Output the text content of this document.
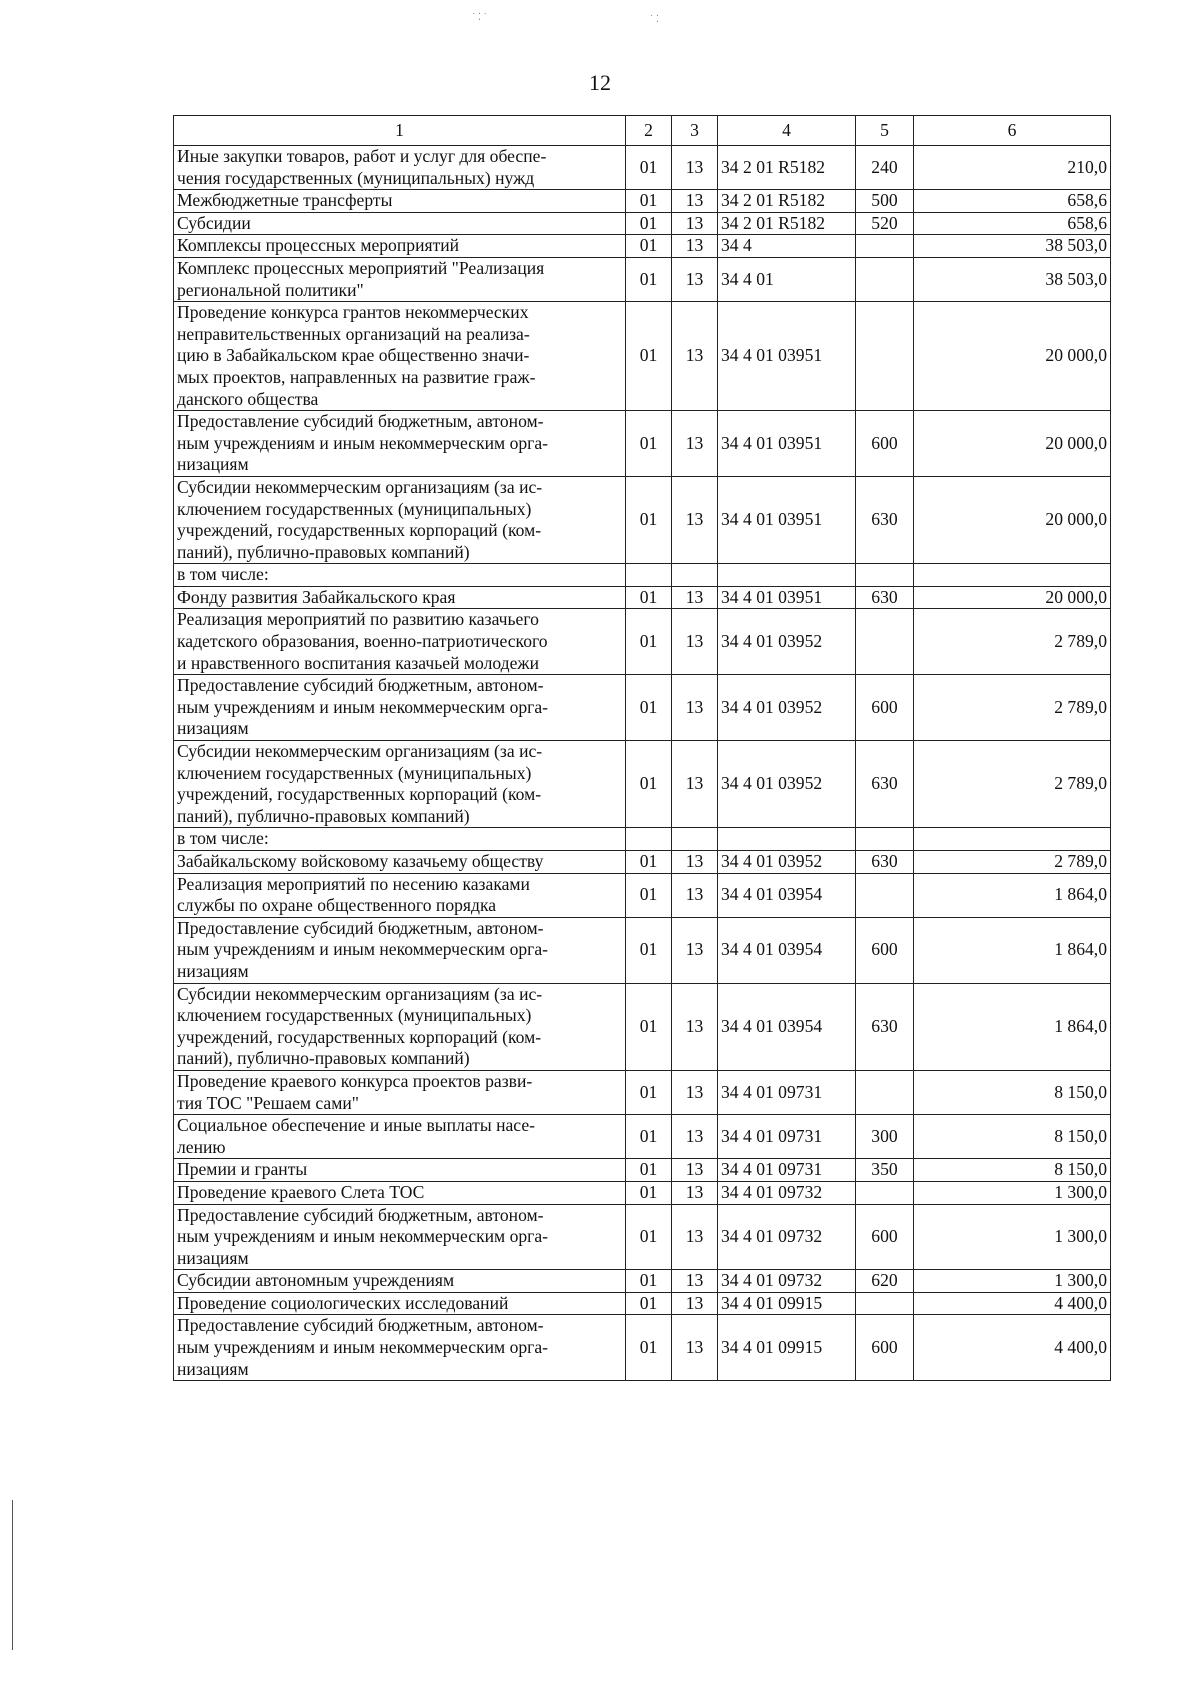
12
1	2	3	4	5	6
Иные закупки товаров, работ и услуг для обеспе-
чения государственных (муниципальных) нужд	01	13	34 2 01 R5182	240	210,0
Межбюджетные трансферты	01	13	34 2 01 R5182	500	658,6
Субсидии	01	13	34 2 01 R5182	520	658,6
Комплексы процессных мероприятий	01	13	34 4		38 503,0
Комплекс процессных мероприятий "Реализация
региональной политики"	01	13	34 4 01		38 503,0
Проведение конкурса грантов некоммерческих
неправительственных организаций на реализа-
цию в Забайкальском крае общественно значи-
мых проектов, направленных на развитие граж-
данского общества	01	13	34 4 01 03951		20 000,0
Предоставление субсидий бюджетным, автоном-
ным учреждениям и иным некоммерческим орга-
низациям	01	13	34 4 01 03951	600	20 000,0
Субсидии некоммерческим организациям (за ис-
ключением государственных (муниципальных)
учреждений, государственных корпораций (ком-
паний), публично-правовых компаний)	01	13	34 4 01 03951	630	20 000,0
в том числе:					
Фонду развития Забайкальского края	01	13	34 4 01 03951	630	20 000,0
Реализация мероприятий по развитию казачьего
кадетского образования, военно-патриотического
и нравственного воспитания казачьей молодежи	01	13	34 4 01 03952		2 789,0
Предоставление субсидий бюджетным, автоном-
ным учреждениям и иным некоммерческим орга-
низациям	01	13	34 4 01 03952	600	2 789,0
Субсидии некоммерческим организациям (за ис-
ключением государственных (муниципальных)
учреждений, государственных корпораций (ком-
паний), публично-правовых компаний)	01	13	34 4 01 03952	630	2 789,0
в том числе:					
Забайкальскому войсковому казачьему обществу	01	13	34 4 01 03952	630	2 789,0
Реализация мероприятий по несению казаками
службы по охране общественного порядка	01	13	34 4 01 03954		1 864,0
Предоставление субсидий бюджетным, автоном-
ным учреждениям и иным некоммерческим орга-
низациям	01	13	34 4 01 03954	600	1 864,0
Субсидии некоммерческим организациям (за ис-
ключением государственных (муниципальных)
учреждений, государственных корпораций (ком-
паний), публично-правовых компаний)	01	13	34 4 01 03954	630	1 864,0
Проведение краевого конкурса проектов разви-
тия ТОС "Решаем сами"	01	13	34 4 01 09731		8 150,0
Социальное обеспечение и иные выплаты насе-
лению	01	13	34 4 01 09731	300	8 150,0
Премии и гранты	01	13	34 4 01 09731	350	8 150,0
Проведение краевого Слета ТОС	01	13	34 4 01 09732		1 300,0
Предоставление субсидий бюджетным, автоном-
ным учреждениям и иным некоммерческим орга-
низациям	01	13	34 4 01 09732	600	1 300,0
Субсидии автономным учреждениям	01	13	34 4 01 09732	620	1 300,0
Проведение социологических исследований	01	13	34 4 01 09915		4 400,0
Предоставление субсидий бюджетным, автоном-
ным учреждениям и иным некоммерческим орга-
низациям	01	13	34 4 01 09915	600	4 400,0
˙ ⁚ ˙	˙ ⁚
